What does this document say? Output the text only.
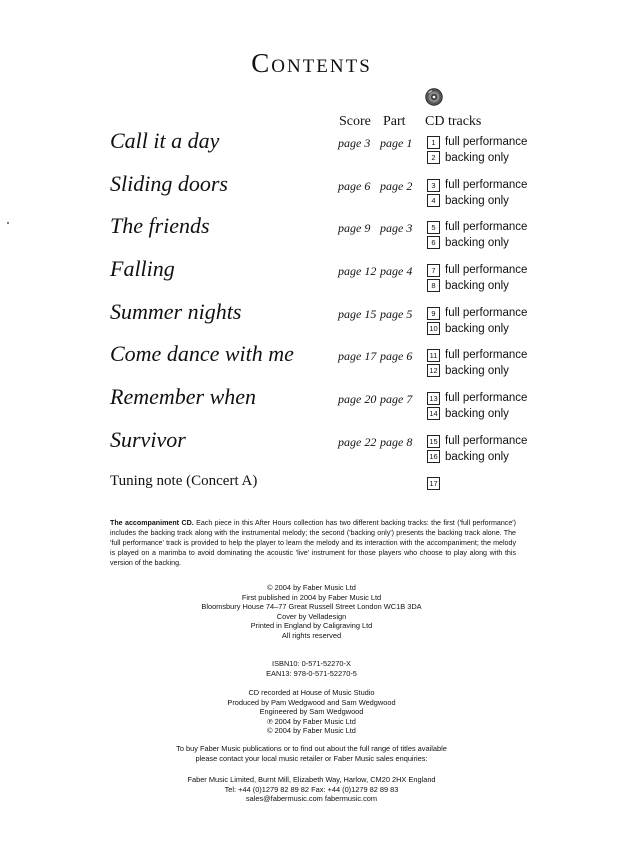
Contents
Score Part CD tracks
Call it a day	page 3 page 1	1 full performance
2 backing only
Sliding doors	page 6 page 2	3 full performance
4 backing only
The friends	page 9 page 3	5 full performance
6 backing only
Falling	page 12 page 4	7 full performance
8 backing only
Summer nights	page 15 page 5	9 full performance
10 backing only
Come dance with me	page 17 page 6	11 full performance
12 backing only
Remember when	page 20 page 7	13 full performance
14 backing only
Survivor	page 22 page 8	15 full performance
16 backing only
Tuning note (Concert A)	17
The accompaniment CD. Each piece in this After Hours collection has two different backing tracks: the first ('full performance') includes the backing track along with the instrumental melody; the second ('backing only') presents the backing track alone. The 'full performance' track is provided to help the player to learn the melody and its interaction with the accompaniment; the melody is played on a marimba to avoid dominating the acoustic 'live' instrument for those players who choose to play along with this version of the backing.
© 2004 by Faber Music Ltd
First published in 2004 by Faber Music Ltd
Bloomsbury House 74–77 Great Russell Street London WC1B 3DA
Cover by Velladesign
Printed in England by Caligraving Ltd
All rights reserved
ISBN10: 0-571-52270-X
EAN13: 978-0-571-52270-5
CD recorded at House of Music Studio
Produced by Pam Wedgwood and Sam Wedgwood
Engineered by Sam Wedgwood
℗ 2004 by Faber Music Ltd
© 2004 by Faber Music Ltd
To buy Faber Music publications or to find out about the full range of titles available
please contact your local music retailer or Faber Music sales enquiries:
Faber Music Limited, Burnt Mill, Elizabeth Way, Harlow, CM20 2HX England
Tel: +44 (0)1279 82 89 82 Fax: +44 (0)1279 82 89 83
sales@fabermusic.com fabermusic.com
